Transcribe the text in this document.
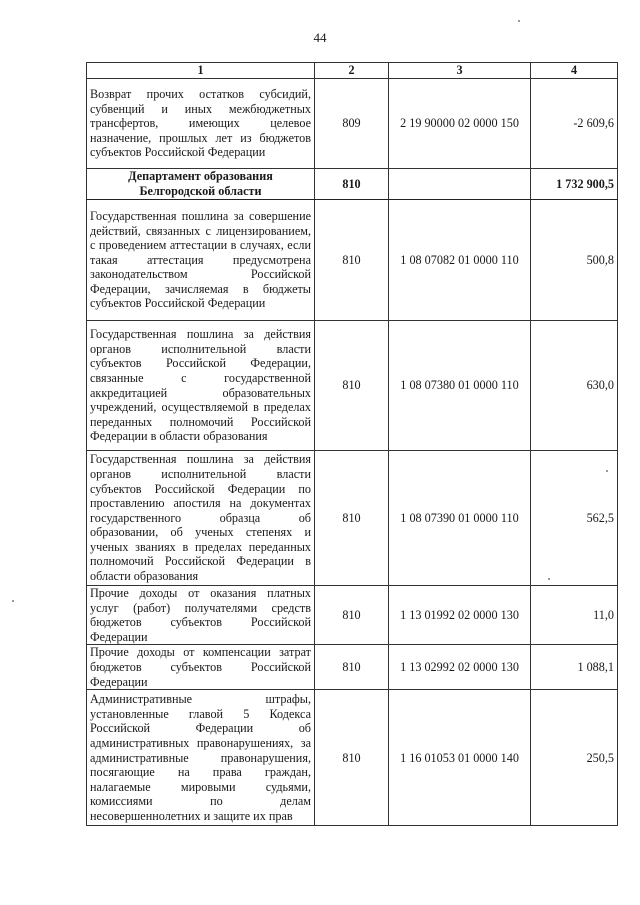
44
1	2	3	4
Возврат прочих остатков субсидий, субвенций и иных межбюджетных трансфертов, имеющих целевое назначение, прошлых лет из бюджетов субъектов Российской Федерации	809	2 19 90000 02 0000 150	-2 609,6
Департамент образования Белгородской области	810		1 732 900,5
Государственная пошлина за совершение действий, связанных с лицензированием, с проведением аттестации в случаях, если такая аттестация предусмотрена законодательством Российской Федерации, зачисляемая в бюджеты субъектов Российской Федерации	810	1 08 07082 01 0000 110	500,8
Государственная пошлина за действия органов исполнительной власти субъектов Российской Федерации, связанные с государственной аккредитацией образовательных учреждений, осуществляемой в пределах переданных полномочий Российской Федерации в области образования	810	1 08 07380 01 0000 110	630,0
Государственная пошлина за действия органов исполнительной власти субъектов Российской Федерации по проставлению апостиля на документах государственного образца об образовании, об ученых степенях и ученых званиях в пределах переданных полномочий Российской Федерации в области образования	810	1 08 07390 01 0000 110	562,5
Прочие доходы от оказания платных услуг (работ) получателями средств бюджетов субъектов Российской Федерации	810	1 13 01992 02 0000 130	11,0
Прочие доходы от компенсации затрат бюджетов субъектов Российской Федерации	810	1 13 02992 02 0000 130	1 088,1
Административные штрафы, установленные главой 5 Кодекса Российской Федерации об административных правонарушениях, за административные правонарушения, посягающие на права граждан, налагаемые мировыми судьями, комиссиями по делам несовершеннолетних и защите их прав	810	1 16 01053 01 0000 140	250,5
